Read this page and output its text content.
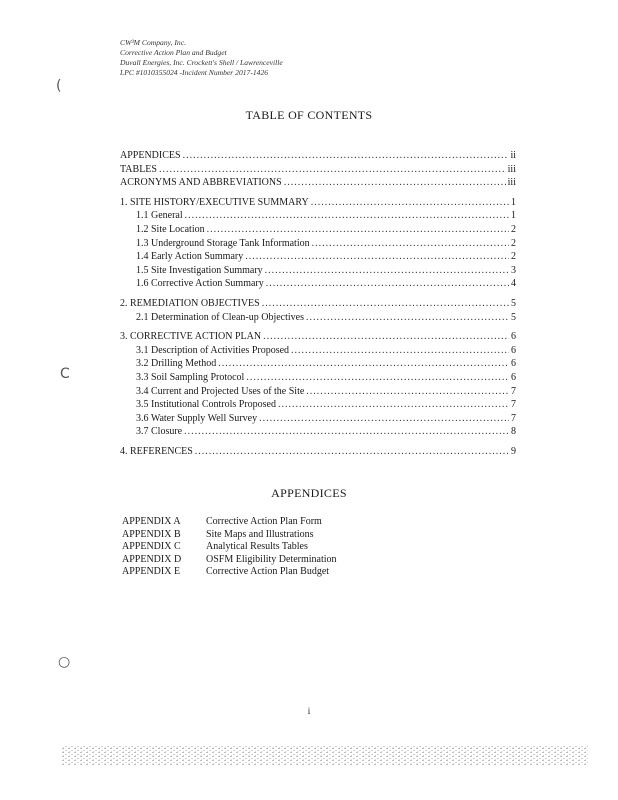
CW³M Company, Inc.
Corrective Action Plan and Budget
Duvall Energies, Inc. Crockett's Shell / Lawrenceville
LPC #1010355024 -Incident Number 2017-1426
(
C
○
TABLE OF CONTENTS
APPENDICES .....	ii
TABLES .....	iii
ACRONYMS AND ABBREVIATIONS .....	iii
1. SITE HISTORY/EXECUTIVE SUMMARY .....	1
1.1 General .....	1
1.2 Site Location .....	2
1.3 Underground Storage Tank Information .....	2
1.4 Early Action Summary .....	2
1.5 Site Investigation Summary .....	3
1.6 Corrective Action Summary .....	4
2. REMEDIATION OBJECTIVES .....	5
2.1 Determination of Clean-up Objectives .....	5
3. CORRECTIVE ACTION PLAN .....	6
3.1 Description of Activities Proposed .....	6
3.2 Drilling Method .....	6
3.3 Soil Sampling Protocol .....	6
3.4 Current and Projected Uses of the Site .....	7
3.5 Institutional Controls Proposed .....	7
3.6 Water Supply Well Survey .....	7
3.7 Closure .....	8
4. REFERENCES .....	9
APPENDICES
APPENDIX A	Corrective Action Plan Form
APPENDIX B	Site Maps and Illustrations
APPENDIX C	Analytical Results Tables
APPENDIX D	OSFM Eligibility Determination
APPENDIX E	Corrective Action Plan Budget
i
